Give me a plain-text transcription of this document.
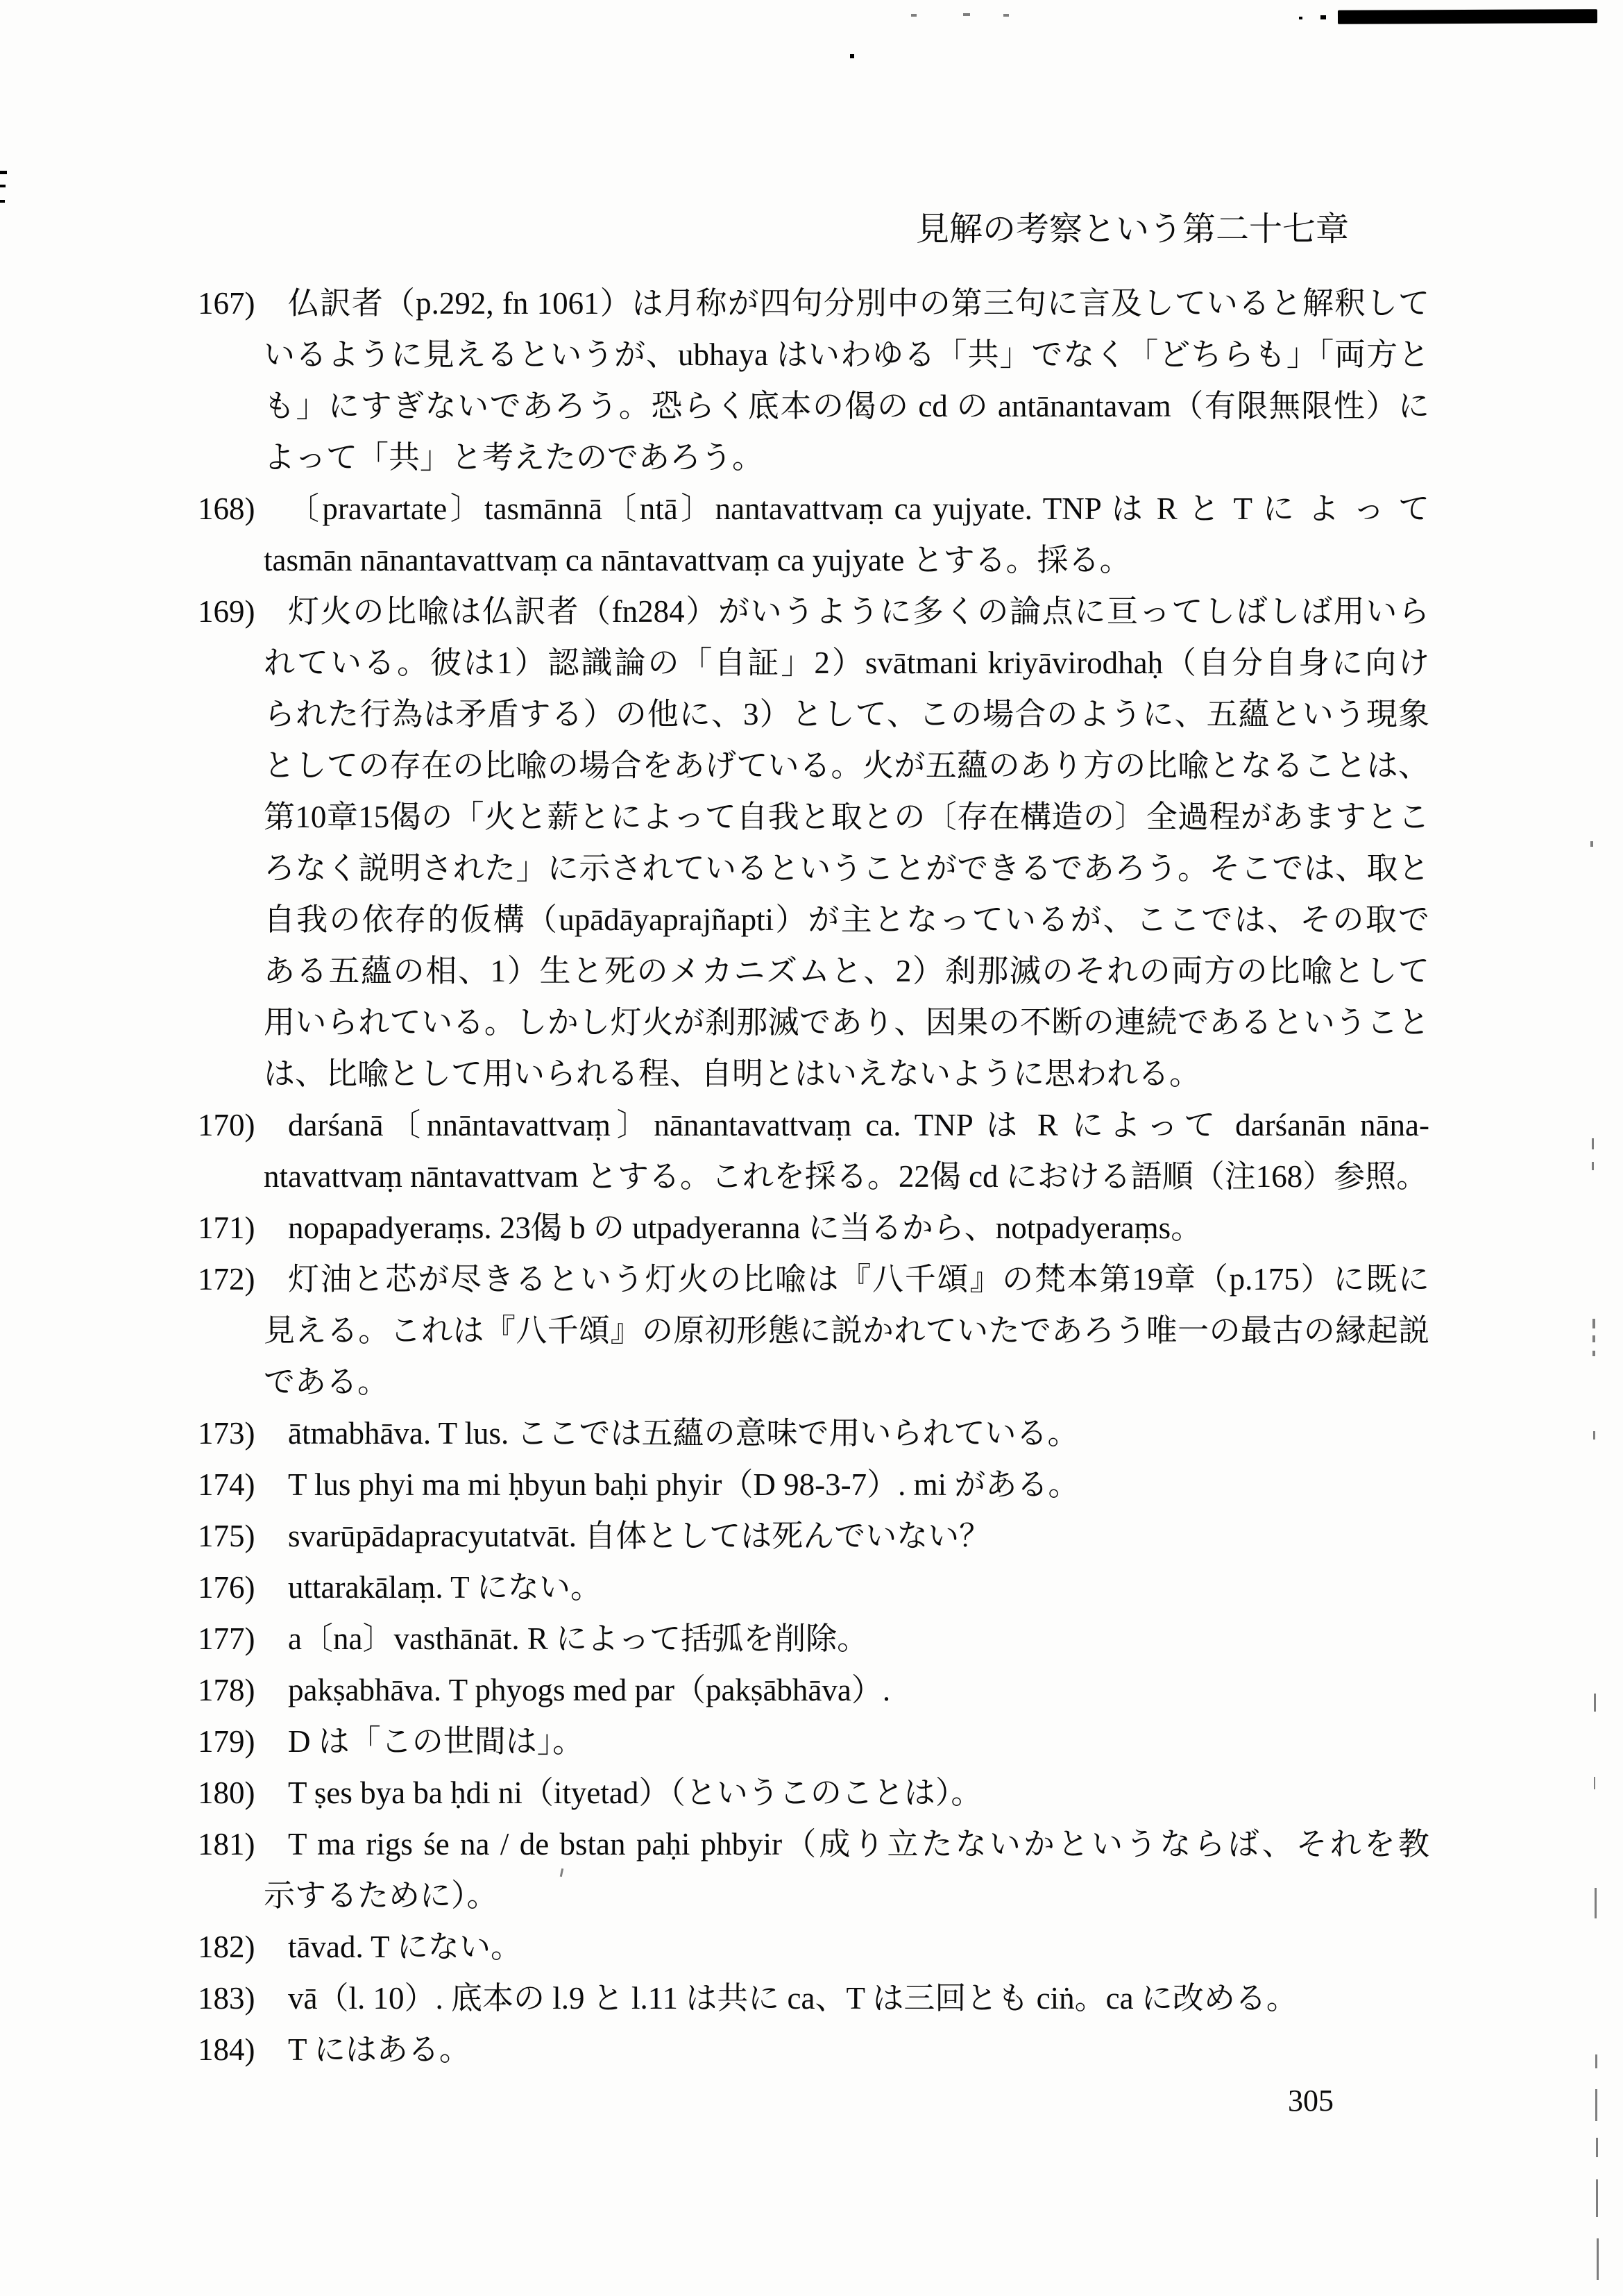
見解の考察という第二十七章
167)	仏訳者（p.292, fn 1061）は月称が四句分別中の第三句に言及していると解釈して
いるように見えるというが、ubhaya はいわゆる「共」でなく「どちらも」「両方と
も」にすぎないであろう。恐らく底本の偈の cd の antānantavam（有限無限性）に
よって「共」と考えたのであろう。
168)	〔pravartate〕tasmānnā〔ntā〕nantavattvaṃ ca yujyate. TNP は R と T に よ っ て
tasmān nānantavattvaṃ ca nāntavattvaṃ ca yujyate とする。採る。
169)	灯火の比喩は仏訳者（fn284）がいうように多くの論点に亘ってしばしば用いら
れている。彼は1）認識論の「自証」2）svātmani kriyāvirodhaḥ（自分自身に向け
られた行為は矛盾する）の他に、3）として、この場合のように、五蘊という現象
としての存在の比喩の場合をあげている。火が五蘊のあり方の比喩となることは、
第10章15偈の「火と薪とによって自我と取との〔存在構造の〕全過程があますとこ
ろなく説明された」に示されているということができるであろう。そこでは、取と
自我の依存的仮構（upādāyaprajñapti）が主となっているが、ここでは、その取で
ある五蘊の相、1）生と死のメカニズムと、2）刹那滅のそれの両方の比喩として
用いられている。しかし灯火が刹那滅であり、因果の不断の連続であるということ
は、比喩として用いられる程、自明とはいえないように思われる。
170)	darśanā〔nnāntavattvaṃ〕nānantavattvaṃ ca. TNP は R によって darśanān nāna-
ntavattvaṃ nāntavattvam とする。これを採る。22偈 cd における語順（注168）参照。
171)	nopapadyeraṃs. 23偈 b の utpadyeranna に当るから、notpadyeraṃs。
172)	灯油と芯が尽きるという灯火の比喩は『八千頌』の梵本第19章（p.175）に既に
見える。これは『八千頌』の原初形態に説かれていたであろう唯一の最古の縁起説
である。
173)	ātmabhāva. T lus. ここでは五蘊の意味で用いられている。
174)	T lus phyi ma mi ḥbyun baḥi phyir（D 98-3-7）. mi がある。
175)	svarūpādapracyutatvāt. 自体としては死んでいない？
176)	uttarakālaṃ. T にない。
177)	a〔na〕vasthānāt. R によって括弧を削除。
178)	pakṣabhāva. T phyogs med par（pakṣābhāva）.
179)	D は「この世間は」。
180)	T ṣes bya ba ḥdi ni（ityetad）（というこのことは）。
181)	T ma rigs śe na / de bstan paḥi phbyir（成り立たないかというならば、それを教
示するために）。
182)	tāvad. T にない。
183)	vā（l. 10）. 底本の l.9 と l.11 は共に ca、T は三回とも ciṅ。ca に改める。
184)	T にはある。
305
